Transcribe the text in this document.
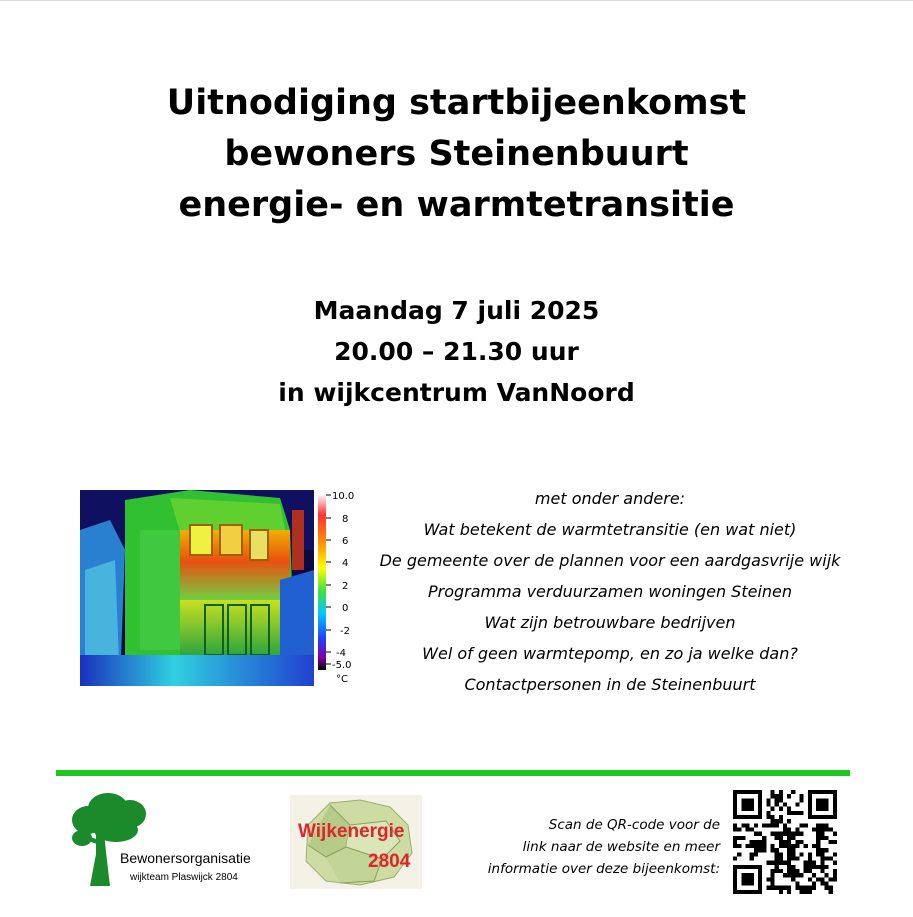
Uitnodiging startbijeenkomst
bewoners Steinenbuurt
energie- en warmtetransitie
Maandag 7 juli 2025
20.00 – 21.30 uur
in wijkcentrum VanNoord
10.0
8
6
4
2
0
-2
-4
-5.0
°C
met onder andere:
Wat betekent de warmtetransitie (en wat niet)
De gemeente over de plannen voor een aardgasvrije wijk
Programma verduurzamen woningen Steinen
Wat zijn betrouwbare bedrijven
Wel of geen warmtepomp, en zo ja welke dan?
Contactpersonen in de Steinenbuurt
Bewonersorganisatie
wijkteam Plaswijck 2804
Wijkenergie
2804
Scan de QR-code voor de
link naar de website en meer
informatie over deze bijeenkomst:
